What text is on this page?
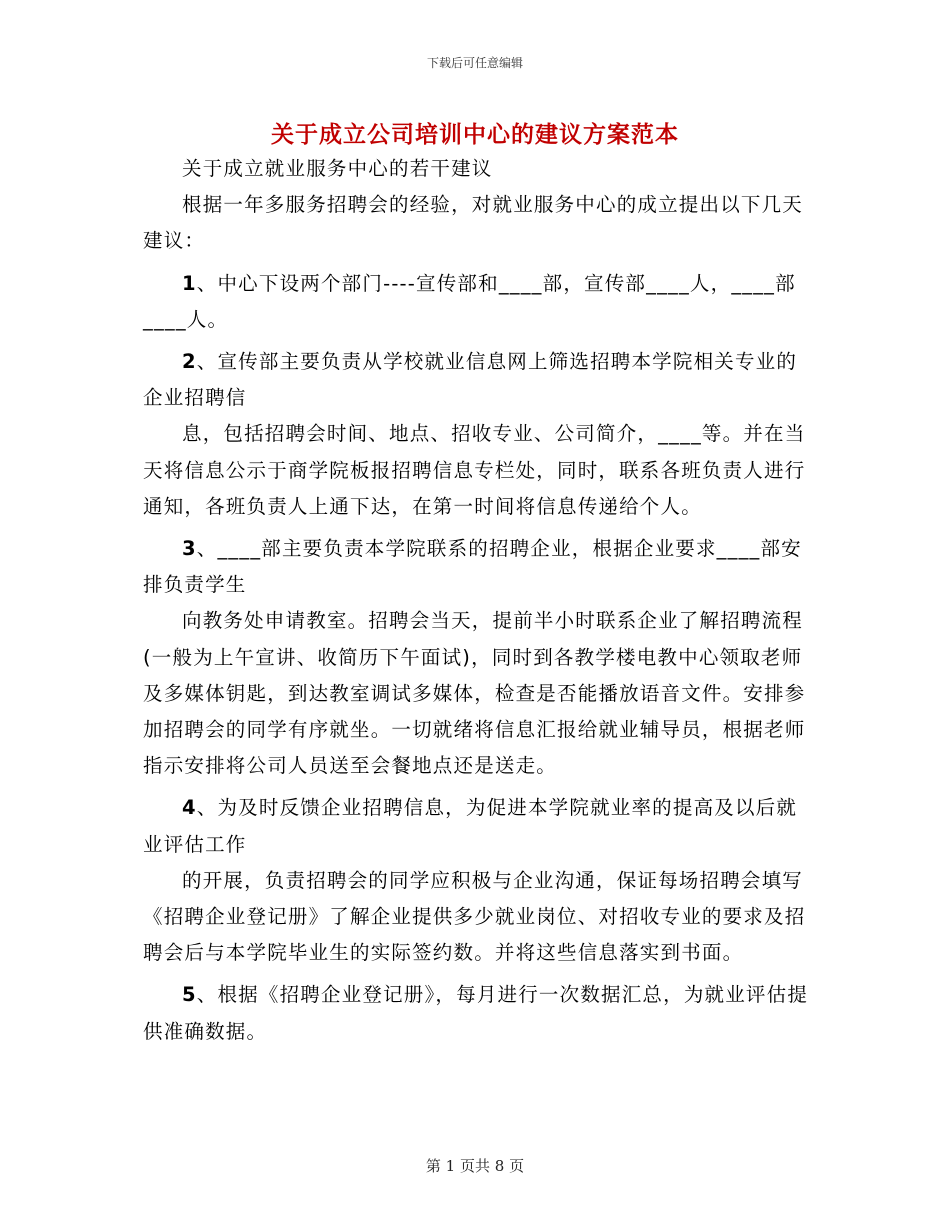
下载后可任意编辑
关于成立公司培训中心的建议方案范本

关于成立就业服务中心的若干建议

根据一年多服务招聘会的经验，对就业服务中心的成立提出以下几天建议：

1、中心下设两个部门----宣传部和____部，宣传部____人，____部____人。

2、宣传部主要负责从学校就业信息网上筛选招聘本学院相关专业的企业招聘信

息，包括招聘会时间、地点、招收专业、公司简介，____等。并在当天将信息公示于商学院板报招聘信息专栏处，同时，联系各班负责人进行通知，各班负责人上通下达，在第一时间将信息传递给个人。

3、____部主要负责本学院联系的招聘企业，根据企业要求____部安排负责学生

向教务处申请教室。招聘会当天，提前半小时联系企业了解招聘流程(一般为上午宣讲、收简历下午面试)，同时到各教学楼电教中心领取老师及多媒体钥匙，到达教室调试多媒体，检查是否能播放语音文件。安排参加招聘会的同学有序就坐。一切就绪将信息汇报给就业辅导员，根据老师指示安排将公司人员送至会餐地点还是送走。

4、为及时反馈企业招聘信息，为促进本学院就业率的提高及以后就业评估工作

的开展，负责招聘会的同学应积极与企业沟通，保证每场招聘会填写《招聘企业登记册》了解企业提供多少就业岗位、对招收专业的要求及招聘会后与本学院毕业生的实际签约数。并将这些信息落实到书面。

5、根据《招聘企业登记册》，每月进行一次数据汇总，为就业评估提供准确数据。

第 1 页共 8 页
